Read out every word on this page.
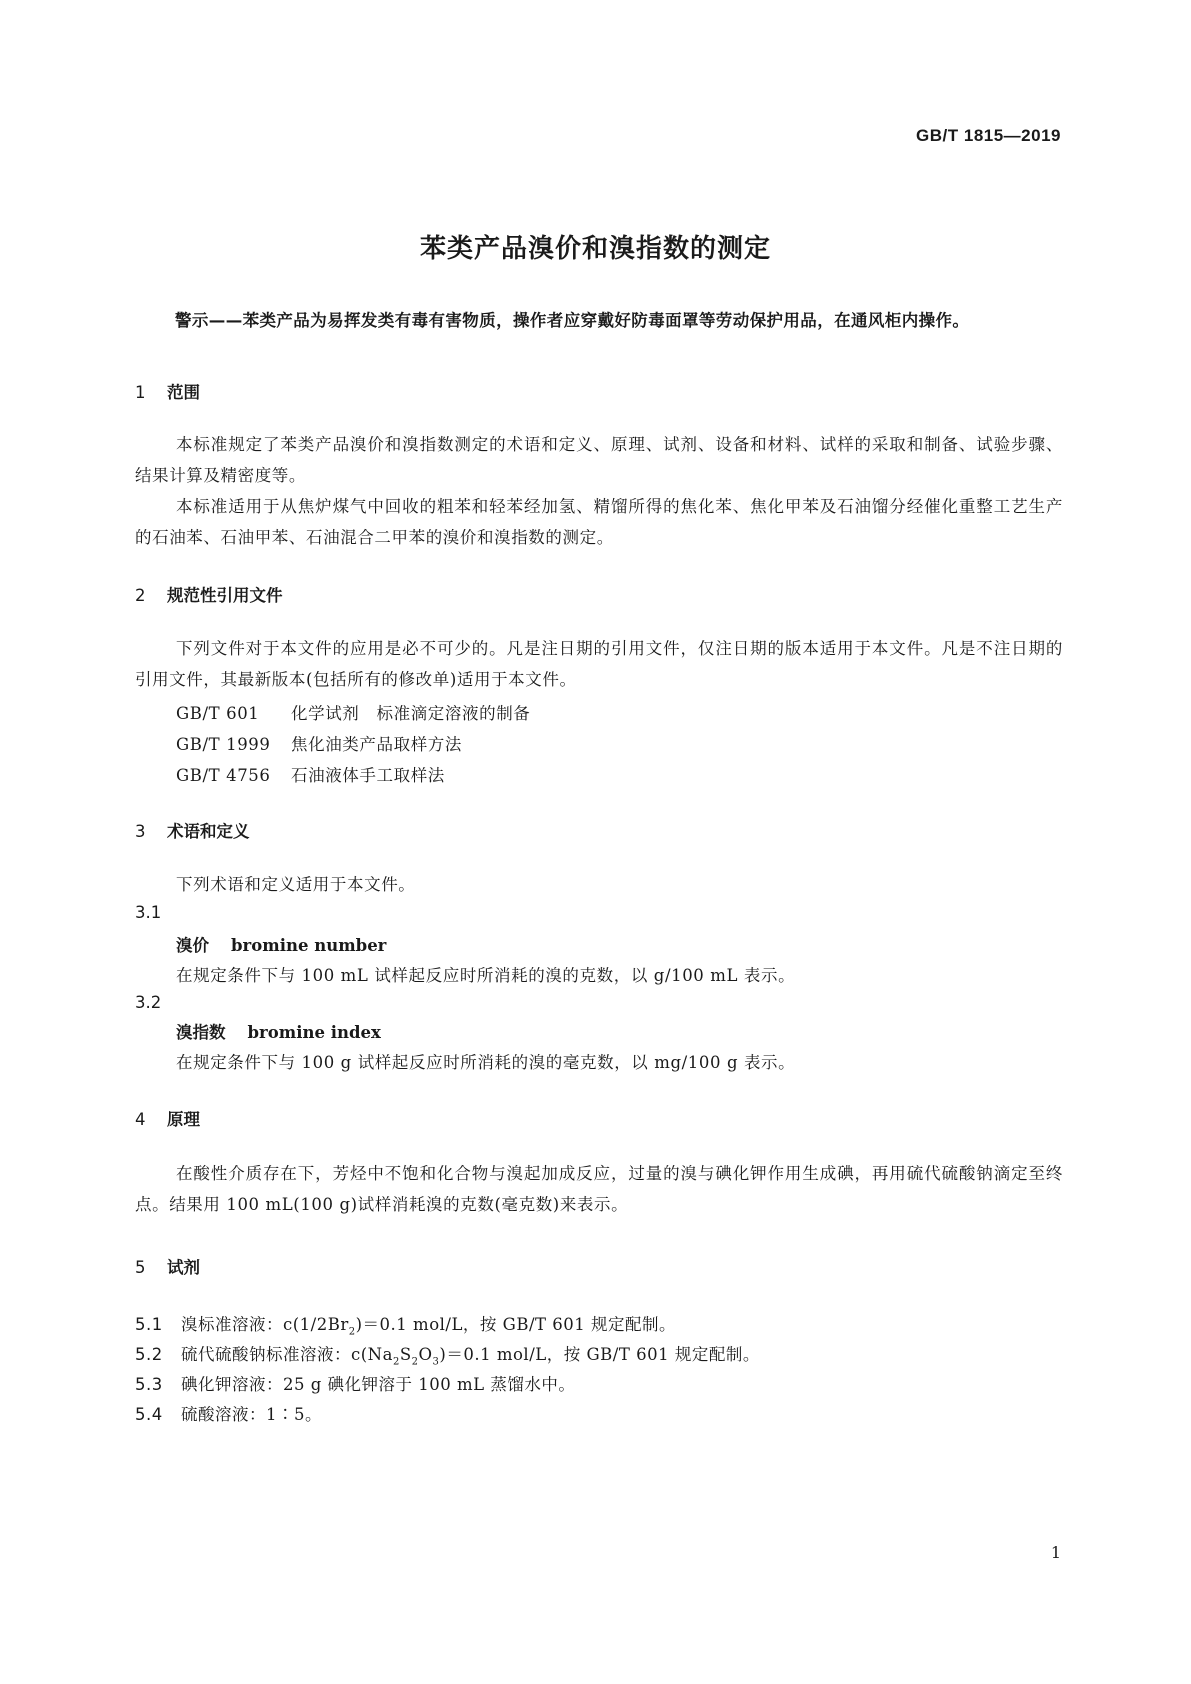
GB/T 1815—2019
苯类产品溴价和溴指数的测定
警示——苯类产品为易挥发类有毒有害物质，操作者应穿戴好防毒面罩等劳动保护用品，在通风柜内操作。
1 范围
本标准规定了苯类产品溴价和溴指数测定的术语和定义、原理、试剂、设备和材料、试样的采取和制备、试验步骤、结果计算及精密度等。
本标准适用于从焦炉煤气中回收的粗苯和轻苯经加氢、精馏所得的焦化苯、焦化甲苯及石油馏分经催化重整工艺生产的石油苯、石油甲苯、石油混合二甲苯的溴价和溴指数的测定。
2 规范性引用文件
下列文件对于本文件的应用是必不可少的。凡是注日期的引用文件，仅注日期的版本适用于本文件。凡是不注日期的引用文件，其最新版本(包括所有的修改单)适用于本文件。
GB/T 601 化学试剂　标准滴定溶液的制备
GB/T 1999 焦化油类产品取样方法
GB/T 4756 石油液体手工取样法
3 术语和定义
下列术语和定义适用于本文件。
3.1
溴价 bromine number
在规定条件下与 100 mL 试样起反应时所消耗的溴的克数，以 g/100 mL 表示。
3.2
溴指数 bromine index
在规定条件下与 100 g 试样起反应时所消耗的溴的毫克数，以 mg/100 g 表示。
4 原理
在酸性介质存在下，芳烃中不饱和化合物与溴起加成反应，过量的溴与碘化钾作用生成碘，再用硫代硫酸钠滴定至终点。结果用 100 mL(100 g)试样消耗溴的克数(毫克数)来表示。
5 试剂
5.1 溴标准溶液：$c(1/2Br_2)=0.1$ mol/L，按 GB/T 601 规定配制。
5.2 硫代硫酸钠标准溶液：$c(Na_2S_2O_3)=0.1$ mol/L，按 GB/T 601 规定配制。
5.3 碘化钾溶液：25 g 碘化钾溶于 100 mL 蒸馏水中。
5.4 硫酸溶液：1∶5。
1
